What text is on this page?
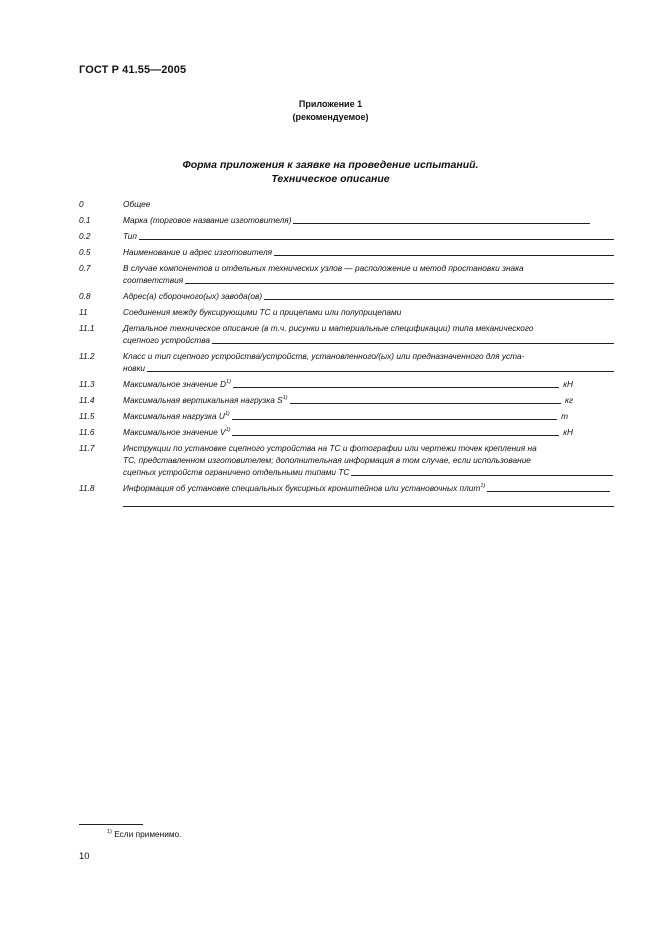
ГОСТ Р 41.55—2005
Приложение 1
(рекомендуемое)
Форма приложения к заявке на проведение испытаний.
Техническое описание
0	Общее
0.1	Марка (торговое название изготовителя)
0.2	Тип
0.5	Наименование и адрес изготовителя
0.7	В случае компонентов и отдельных технических узлов — расположение и метод простановки знака
соответствия
0.8	Адрес(а) сборочного(ых) завода(ов)
11	Соединения между буксирующими ТС и прицепами или полуприцепами
11.1	Детальное техническое описание (в т.ч. рисунки и материальные спецификации) типа механического
сцепного устройства
11.2	Класс и тип сцепного устройства/устройств, установленного/(ых) или предназначенного для уста-
новки
11.3	Максимальное значение $D^{1)}$	кН
11.4	Максимальная вертикальная нагрузка $S^{1)}$	кг
11.5	Максимальная нагрузка $U^{1)}$	т
11.6	Максимальное значение $V^{1)}$	кН
11.7	Инструкции по установке сцепного устройства на ТС и фотографии или чертежи точек крепления на
ТС, представленном изготовителем; дополнительная информация в том случае, если использование
сцепных устройств ограничено отдельными типами ТС
11.8	Информация об установке специальных буксирных кронштейнов или установочных плит$^{1)}$
$^{1)}$ Если применимо.
10
